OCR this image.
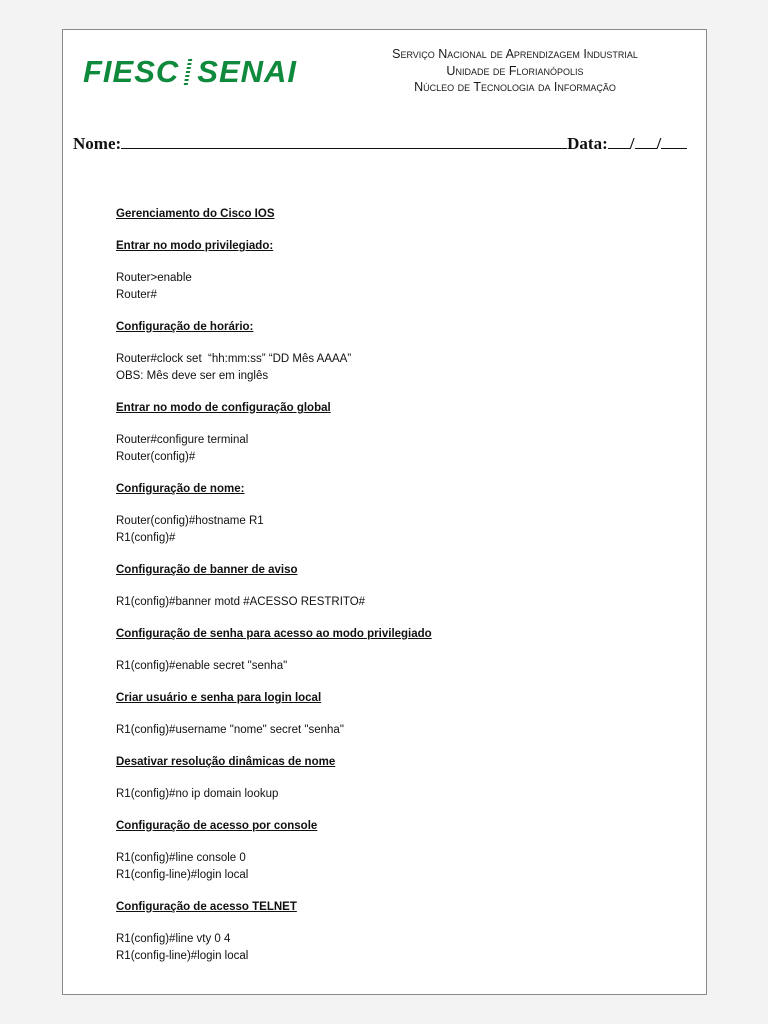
FIESC SENAI	Serviço Nacional de Aprendizagem Industrial
Unidade de Florianópolis
Núcleo de Tecnologia da Informação
Nome:	Data: / /
Gerenciamento do Cisco IOS
Entrar no modo privilegiado:
Router>enable
Router#
Configuração de horário:
Router#clock set  “hh:mm:ss” “DD Mês AAAA”
OBS: Mês deve ser em inglês
Entrar no modo de configuração global
Router#configure terminal
Router(config)#
Configuração de nome:
Router(config)#hostname R1
R1(config)#
Configuração de banner de aviso
R1(config)#banner motd #ACESSO RESTRITO#
Configuração de senha para acesso ao modo privilegiado
R1(config)#enable secret "senha"
Criar usuário e senha para login local
R1(config)#username "nome" secret "senha"
Desativar resolução dinâmicas de nome
R1(config)#no ip domain lookup
Configuração de acesso por console
R1(config)#line console 0
R1(config-line)#login local
Configuração de acesso TELNET
R1(config)#line vty 0 4
R1(config-line)#login local
